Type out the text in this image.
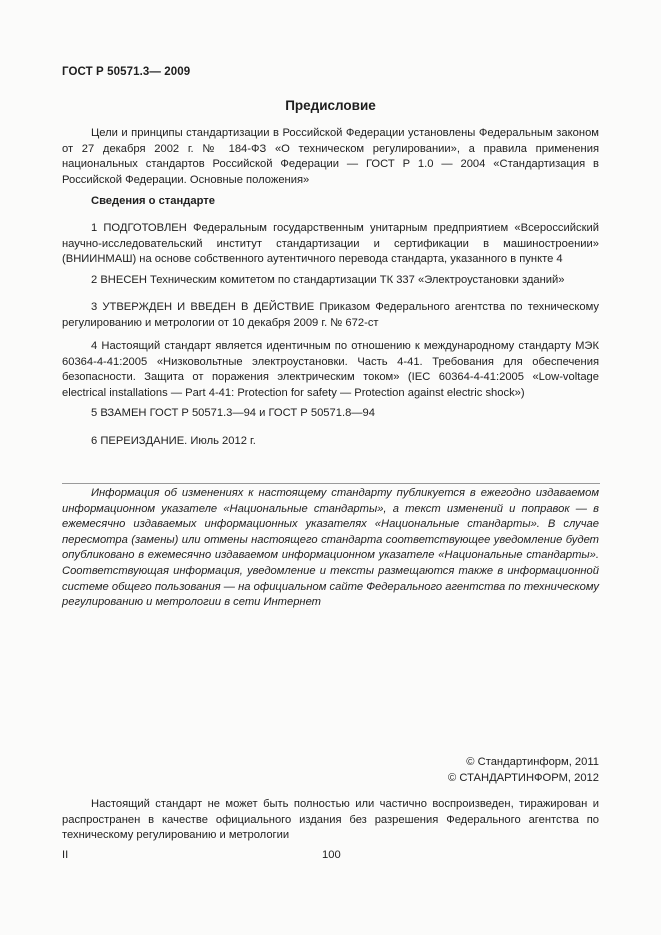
ГОСТ Р 50571.3— 2009
Предисловие

Цели и принципы стандартизации в Российской Федерации установлены Федеральным законом от 27 декабря 2002 г. № 184-ФЗ «О техническом регулировании», а правила применения национальных стандартов Российской Федерации — ГОСТ Р 1.0 — 2004 «Стандартизация в Российской Федерации. Основные положения»

Сведения о стандарте

1 ПОДГОТОВЛЕН Федеральным государственным унитарным предприятием «Всероссийский научно-исследовательский институт стандартизации и сертификации в машиностроении» (ВНИИНМАШ) на основе собственного аутентичного перевода стандарта, указанного в пункте 4

2 ВНЕСЕН Техническим комитетом по стандартизации ТК 337 «Электроустановки зданий»

3 УТВЕРЖДЕН И ВВЕДЕН В ДЕЙСТВИЕ Приказом Федерального агентства по техническому регулированию и метрологии от 10 декабря 2009 г. № 672-ст

4 Настоящий стандарт является идентичным по отношению к международному стандарту МЭК 60364-4-41:2005 «Низковольтные электроустановки. Часть 4-41. Требования для обеспечения безопасности. Защита от поражения электрическим током» (IEC 60364-4-41:2005 «Low-voltage electrical installations — Part 4-41: Protection for safety — Protection against electric shock»)

5 ВЗАМЕН ГОСТ Р 50571.3—94 и ГОСТ Р 50571.8—94

6 ПЕРЕИЗДАНИЕ. Июль 2012 г.

Информация об изменениях к настоящему стандарту публикуется в ежегодно издаваемом информационном указателе «Национальные стандарты», а текст изменений и поправок — в ежемесячно издаваемых информационных указателях «Национальные стандарты». В случае пересмотра (замены) или отмены настоящего стандарта соответствующее уведомление будет опубликовано в ежемесячно издаваемом информационном указателе «Национальные стандарты». Соответствующая информация, уведомление и тексты размещаются также в информационной системе общего пользования — на официальном сайте Федерального агентства по техническому регулированию и метрологии в сети Интернет

© Стандартинформ, 2011
© СТАНДАРТИНФОРМ, 2012

Настоящий стандарт не может быть полностью или частично воспроизведен, тиражирован и распространен в качестве официального издания без разрешения Федерального агентства по техническому регулированию и метрологии

II	100
